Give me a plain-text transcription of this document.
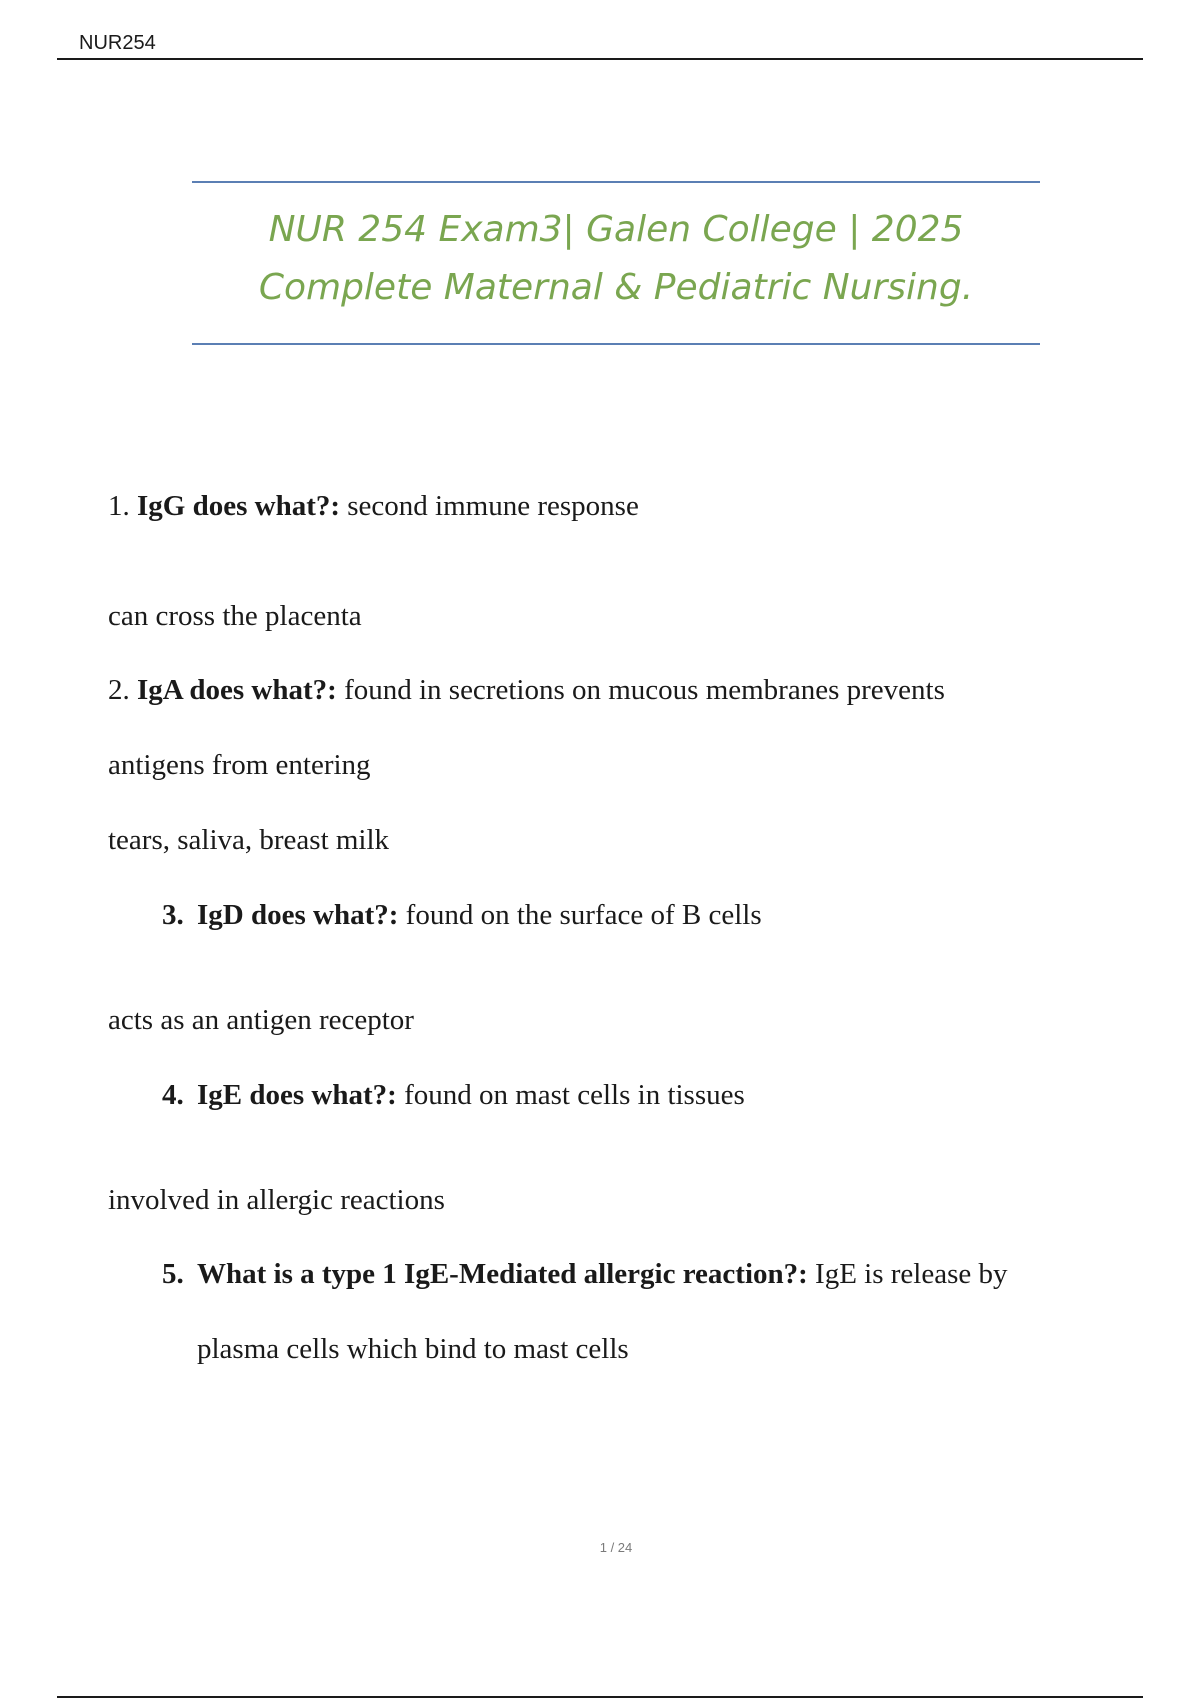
NUR254
NUR 254 Exam3| Galen College | 2025
Complete Maternal & Pediatric Nursing.
1. IgG does what?: second immune response
can cross the placenta
2. IgA does what?: found in secretions on mucous membranes prevents
antigens from entering
tears, saliva, breast milk
3. IgD does what?: found on the surface of B cells
acts as an antigen receptor
4. IgE does what?: found on mast cells in tissues
involved in allergic reactions
5. What is a type 1 IgE-Mediated allergic reaction?: IgE is release by
plasma cells which bind to mast cells
1 / 24
